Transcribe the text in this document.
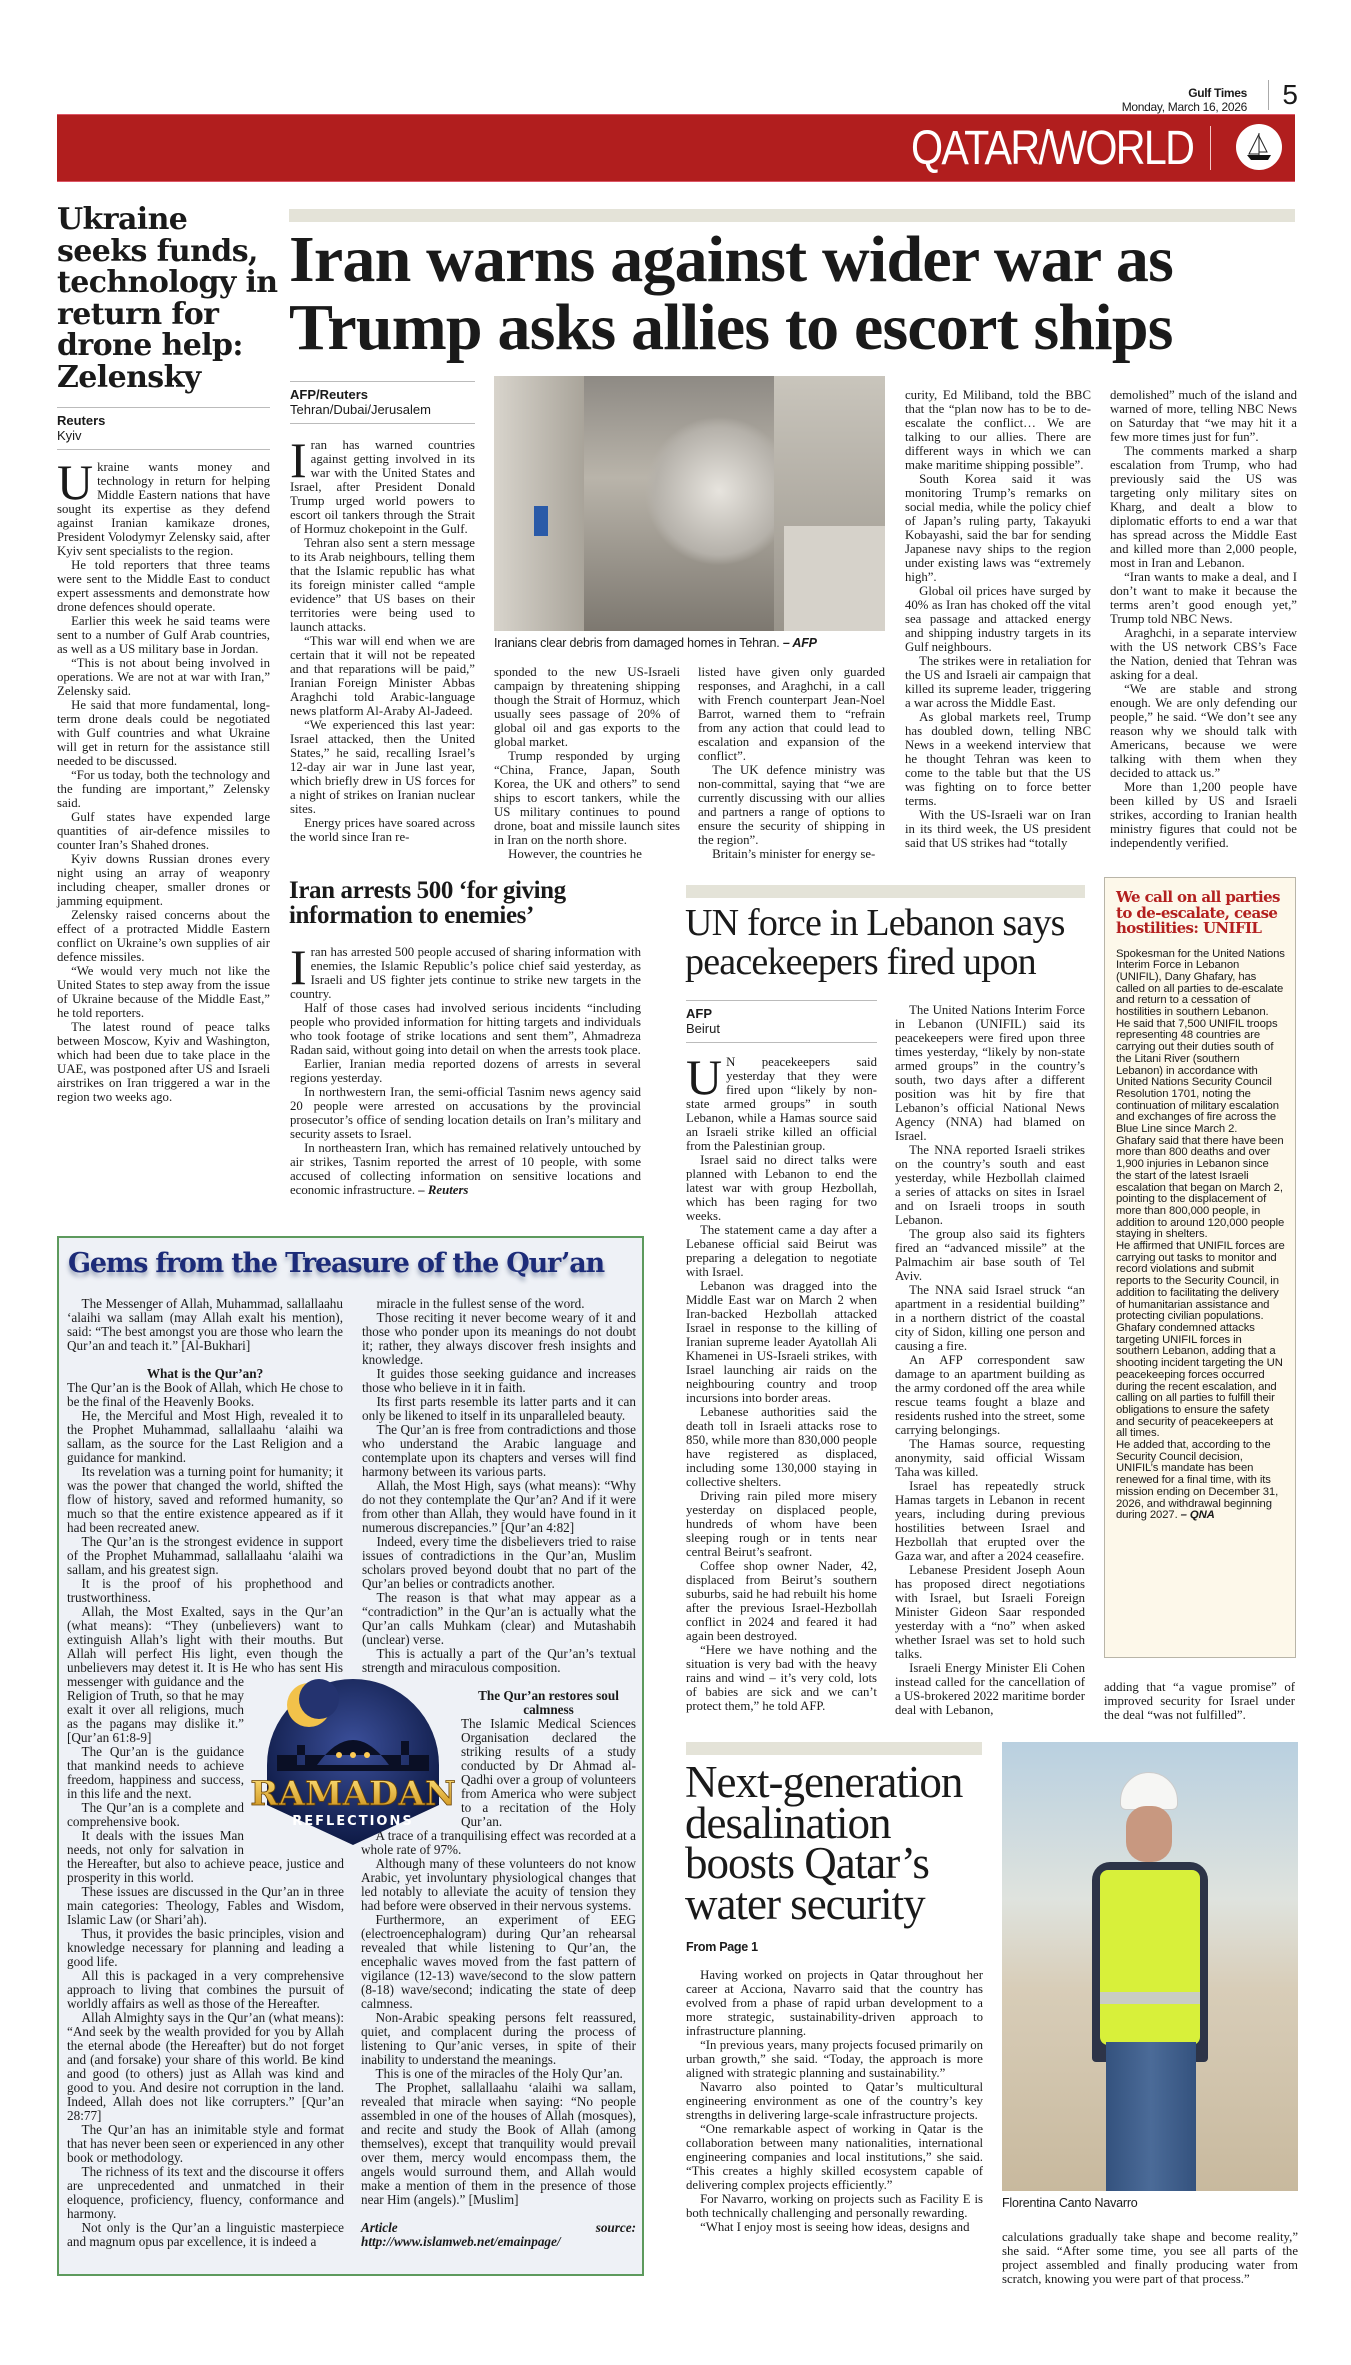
Gulf Times
Monday, March 16, 2026	5
QATAR/WORLD
Ukraine seeks funds, technology in return for drone help: Zelensky
Reuters
Kyiv

Ukraine wants money and technology in return for helping Middle Eastern nations that have sought its expertise as they defend against Iranian kamikaze drones, President Volodymyr Zelensky said, after Kyiv sent specialists to the region.

He told reporters that three teams were sent to the Middle East to conduct expert assessments and demonstrate how drone defences should operate.

Earlier this week he said teams were sent to a number of Gulf Arab countries, as well as a US military base in Jordan.

“This is not about being involved in operations. We are not at war with Iran,” Zelensky said.

He said that more fundamental, long-term drone deals could be negotiated with Gulf countries and what Ukraine will get in return for the assistance still needed to be discussed.

“For us today, both the technology and the funding are important,” Zelensky said.

Gulf states have expended large quantities of air-defence missiles to counter Iran’s Shahed drones.

Kyiv downs Russian drones every night using an array of weaponry including cheaper, smaller drones or jamming equipment.

Zelensky raised concerns about the effect of a protracted Middle Eastern conflict on Ukraine’s own supplies of air defence missiles.

“We would very much not like the United States to step away from the issue of Ukraine because of the Middle East,” he told reporters.

The latest round of peace talks between Moscow, Kyiv and Washington, which had been due to take place in the UAE, was postponed after US and Israeli airstrikes on Iran triggered a war in the region two weeks ago.

Iran warns against wider war as
Trump asks allies to escort ships
AFP/Reuters
Tehran/Dubai/Jerusalem

Iran has warned countries against getting involved in its war with the United States and Israel, after President Donald Trump urged world powers to escort oil tankers through the Strait of Hormuz chokepoint in the Gulf.

Tehran also sent a stern message to its Arab neighbours, telling them that the Islamic republic has what its foreign minister called “ample evidence” that US bases on their territories were being used to launch attacks.

“This war will end when we are certain that it will not be repeated and that reparations will be paid,” Iranian Foreign Minister Abbas Araghchi told Arabic-language news platform Al-Araby Al-Jadeed.

“We experienced this last year: Israel attacked, then the United States,” he said, recalling Israel’s 12-day air war in June last year, which briefly drew in US forces for a night of strikes on Iranian nuclear sites.

Energy prices have soared across the world since Iran re-

Iranians clear debris from damaged homes in Tehran. – AFP

sponded to the new US-Israeli campaign by threatening shipping though the Strait of Hormuz, which usually sees passage of 20% of global oil and gas exports to the global market.

Trump responded by urging “China, France, Japan, South Korea, the UK and others” to send ships to escort tankers, while the US military continues to pound drone, boat and missile launch sites in Iran on the north shore.

However, the countries he

listed have given only guarded responses, and Araghchi, in a call with French counterpart Jean-Noel Barrot, warned them to “refrain from any action that could lead to escalation and expansion of the conflict”.

The UK defence ministry was non-committal, saying that “we are currently discussing with our allies and partners a range of options to ensure the security of shipping in the region”.

Britain’s minister for energy se-

curity, Ed Miliband, told the BBC that the “plan now has to be to de-escalate the conflict… We are talking to our allies. There are different ways in which we can make maritime shipping possible”.

South Korea said it was monitoring Trump’s remarks on social media, while the policy chief of Japan’s ruling party, Takayuki Kobayashi, said the bar for sending Japanese navy ships to the region under existing laws was “extremely high”.

Global oil prices have surged by 40% as Iran has choked off the vital sea passage and attacked energy and shipping industry targets in its Gulf neighbours.

The strikes were in retaliation for the US and Israeli air campaign that killed its supreme leader, triggering a war across the Middle East.

As global markets reel, Trump has doubled down, telling NBC News in a weekend interview that he thought Tehran was keen to come to the table but that the US was fighting on to force better terms.

With the US-Israeli war on Iran in its third week, the US president said that US strikes had “totally

demolished” much of the island and warned of more, telling NBC News on Saturday that “we may hit it a few more times just for fun”.

The comments marked a sharp escalation from Trump, who had previously said the US was targeting only military sites on Kharg, and dealt a blow to diplomatic efforts to end a war that has spread across the Middle East and killed more than 2,000 people, most in Iran and Lebanon.

“Iran wants to make a deal, and I don’t want to make it because the terms aren’t good enough yet,” Trump told NBC News.

Araghchi, in a separate interview with the US network CBS’s Face the Nation, denied that Tehran was asking for a deal.

“We are stable and strong enough. We are only defending our people,” he said. “We don’t see any reason why we should talk with Americans, because we were talking with them when they decided to attack us.”

More than 1,200 people have been killed by US and Israeli strikes, according to Iranian health ministry figures that could not be independently verified.

Iran arrests 500 ‘for giving information to enemies’

Iran has arrested 500 people accused of sharing information with enemies, the Islamic Republic’s police chief said yesterday, as Israeli and US fighter jets continue to strike new targets in the country.

Half of those cases had involved serious incidents “including people who provided information for hitting targets and individuals who took footage of strike locations and sent them”, Ahmadreza Radan said, without going into detail on when the arrests took place.

Earlier, Iranian media reported dozens of arrests in several regions yesterday.

In northwestern Iran, the semi-official Tasnim news agency said 20 people were arrested on accusations by the provincial prosecutor’s office of sending location details on Iran’s military and security assets to Israel.

In northeastern Iran, which has remained relatively untouched by air strikes, Tasnim reported the arrest of 10 people, with some accused of collecting information on sensitive locations and economic infrastructure. – Reuters

UN force in Lebanon says peacekeepers fired upon
AFP
Beirut

UN peacekeepers said yesterday that they were fired upon “likely by non-state armed groups” in south Lebanon, while a Hamas source said an Israeli strike killed an official from the Palestinian group.

Israel said no direct talks were planned with Lebanon to end the latest war with group Hezbollah, which has been raging for two weeks.

The statement came a day after a Lebanese official said Beirut was preparing a delegation to negotiate with Israel.

Lebanon was dragged into the Middle East war on March 2 when Iran-backed Hezbollah attacked Israel in response to the killing of Iranian supreme leader Ayatollah Ali Khamenei in US-Israeli strikes, with Israel launching air raids on the neighbouring country and troop incursions into border areas.

Lebanese authorities said the death toll in Israeli attacks rose to 850, while more than 830,000 people have registered as displaced, including some 130,000 staying in collective shelters.

Driving rain piled more misery yesterday on displaced people, hundreds of whom have been sleeping rough or in tents near central Beirut’s seafront.

Coffee shop owner Nader, 42, displaced from Beirut’s southern suburbs, said he had rebuilt his home after the previous Israel-Hezbollah conflict in 2024 and feared it had again been destroyed.

“Here we have nothing and the situation is very bad with the heavy rains and wind – it’s very cold, lots of babies are sick and we can’t protect them,” he told AFP.

The United Nations Interim Force in Lebanon (UNIFIL) said its peacekeepers were fired upon three times yesterday, “likely by non-state armed groups” in the country’s south, two days after a different position was hit by fire that Lebanon’s official National News Agency (NNA) had blamed on Israel.

The NNA reported Israeli strikes on the country’s south and east yesterday, while Hezbollah claimed a series of attacks on sites in Israel and on Israeli troops in south Lebanon.

The group also said its fighters fired an “advanced missile” at the Palmachim air base south of Tel Aviv.

The NNA said Israel struck “an apartment in a residential building” in a northern district of the coastal city of Sidon, killing one person and causing a fire.

An AFP correspondent saw damage to an apartment building as the army cordoned off the area while rescue teams fought a blaze and residents rushed into the street, some carrying belongings.

The Hamas source, requesting anonymity, said official Wissam Taha was killed.

Israel has repeatedly struck Hamas targets in Lebanon in recent years, including during previous hostilities between Israel and Hezbollah that erupted over the Gaza war, and after a 2024 ceasefire.

Lebanese President Joseph Aoun has proposed direct negotiations with Israel, but Israeli Foreign Minister Gideon Saar responded yesterday with a “no” when asked whether Israel was set to hold such talks.

Israeli Energy Minister Eli Cohen instead called for the cancellation of a US-brokered 2022 maritime border deal with Lebanon,

adding that “a vague promise” of improved security for Israel under the deal “was not fulfilled”.

We call on all parties to de-escalate, cease hostilities: UNIFIL

Spokesman for the United Nations Interim Force in Lebanon (UNIFIL), Dany Ghafary, has called on all parties to de-escalate and return to a cessation of hostilities in southern Lebanon.

He said that 7,500 UNIFIL troops representing 48 countries are carrying out their duties south of the Litani River (southern Lebanon) in accordance with United Nations Security Council Resolution 1701, noting the continuation of military escalation and exchanges of fire across the Blue Line since March 2.

Ghafary said that there have been more than 800 deaths and over 1,900 injuries in Lebanon since the start of the latest Israeli escalation that began on March 2, pointing to the displacement of more than 800,000 people, in addition to around 120,000 people staying in shelters.

He affirmed that UNIFIL forces are carrying out tasks to monitor and record violations and submit reports to the Security Council, in addition to facilitating the delivery of humanitarian assistance and protecting civilian populations.

Ghafary condemned attacks targeting UNIFIL forces in southern Lebanon, adding that a shooting incident targeting the UN peacekeeping forces occurred during the recent escalation, and calling on all parties to fulfill their obligations to ensure the safety and security of peacekeepers at all times.

He added that, according to the Security Council decision, UNIFIL’s mandate has been renewed for a final time, with its mission ending on December 31, 2026, and withdrawal beginning during 2027. – QNA

Gems from the Treasure of the Qur’an

The Messenger of Allah, Muhammad, sallallaahu ‘alaihi wa sallam (may Allah exalt his mention), said: “The best amongst you are those who learn the Qur’an and teach it.” [Al-Bukhari]

What is the Qur’an?

The Qur’an is the Book of Allah, which He chose to be the final of the Heavenly Books.

He, the Merciful and Most High, revealed it to the Prophet Muhammad, sallallaahu ‘alaihi wa sallam, as the source for the Last Religion and a guidance for mankind.

Its revelation was a turning point for humanity; it was the power that changed the world, shifted the flow of history, saved and reformed humanity, so much so that the entire existence appeared as if it had been recreated anew.

The Qur’an is the strongest evidence in support of the Prophet Muhammad, sallallaahu ‘alaihi wa sallam, and his greatest sign.

It is the proof of his prophethood and trustworthiness.

Allah, the Most Exalted, says in the Qur’an (what means): “They (unbelievers) want to extinguish Allah’s light with their mouths. But Allah will perfect His light, even though the unbelievers may detest it. It is He who has sent His messenger with guidance and the Religion of Truth, so that he may exalt it over all religions, much as the pagans may dislike it.” [Qur’an 61:8-9]

The Qur’an is the guidance that mankind needs to achieve freedom, happiness and success, in this life and the next.

The Qur’an is a complete and comprehensive book.

It deals with the issues Man needs, not only for salvation in the Hereafter, but also to achieve peace, justice and prosperity in this world.

These issues are discussed in the Qur’an in three main categories: Theology, Fables and Wisdom, Islamic Law (or Shari’ah).

Thus, it provides the basic principles, vision and knowledge necessary for planning and leading a good life.

All this is packaged in a very comprehensive approach to living that combines the pursuit of worldly affairs as well as those of the Hereafter.

Allah Almighty says in the Qur’an (what means): “And seek by the wealth provided for you by Allah the eternal abode (the Hereafter) but do not forget and (and forsake) your share of this world. Be kind and good (to others) just as Allah was kind and good to you. And desire not corruption in the land. Indeed, Allah does not like corrupters.” [Qur’an 28:77]

The Qur’an has an inimitable style and format that has never been seen or experienced in any other book or methodology.

The richness of its text and the discourse it offers are unprecedented and unmatched in their eloquence, proficiency, fluency, conformance and harmony.

Not only is the Qur’an a linguistic masterpiece and magnum opus par excellence, it is indeed a

miracle in the fullest sense of the word.

Those reciting it never become weary of it and those who ponder upon its meanings do not doubt it; rather, they always discover fresh insights and knowledge.

It guides those seeking guidance and increases those who believe in it in faith.

Its first parts resemble its latter parts and it can only be likened to itself in its unparalleled beauty.

The Qur’an is free from contradictions and those who understand the Arabic language and contemplate upon its chapters and verses will find harmony between its various parts.

Allah, the Most High, says (what means): “Why do not they contemplate the Qur’an? And if it were from other than Allah, they would have found in it numerous discrepancies.” [Qur’an 4:82]

Indeed, every time the disbelievers tried to raise issues of contradictions in the Qur’an, Muslim scholars proved beyond doubt that no part of the Qur’an belies or contradicts another.

The reason is that what may appear as a “contradiction” in the Qur’an is actually what the Qur’an calls Muhkam (clear) and Mutashabih (unclear) verse.

This is actually a part of the Qur’an’s textual strength and miraculous composition.

The Qur’an restores soul calmness

The Islamic Medical Sciences Organisation declared the striking results of a study conducted by Dr Ahmad al-Qadhi over a group of volunteers from America who were subject to a recitation of the Holy Qur’an.

A trace of a tranquilising effect was recorded at a whole rate of 97%.

Although many of these volunteers do not know Arabic, yet involuntary physiological changes that led notably to alleviate the acuity of tension they had before were observed in their nervous systems.

Furthermore, an experiment of EEG (electroencephalogram) during Qur’an rehearsal revealed that while listening to Qur’an, the encephalic waves moved from the fast pattern of vigilance (12-13) wave/second to the slow pattern (8-18) wave/second; indicating the state of deep calmness.

Non-Arabic speaking persons felt reassured, quiet, and complacent during the process of listening to Qur’anic verses, in spite of their inability to understand the meanings.

This is one of the miracles of the Holy Qur’an.

The Prophet, sallallaahu ‘alaihi wa sallam, revealed that miracle when saying: “No people assembled in one of the houses of Allah (mosques), and recite and study the Book of Allah (among themselves), except that tranquility would prevail over them, mercy would encompass them, the angels would surround them, and Allah would make a mention of them in the presence of those near Him (angels).” [Muslim]

Article source: http://www.islamweb.net/emainpage/

RAMADAN
REFLECTIONS
Next-generation desalination boosts Qatar’s water security
From Page 1

Having worked on projects in Qatar throughout her career at Acciona, Navarro said that the country has evolved from a phase of rapid urban development to a more strategic, sustainability-driven approach to infrastructure planning.

“In previous years, many projects focused primarily on urban growth,” she said. “Today, the approach is more aligned with strategic planning and sustainability.”

Navarro also pointed to Qatar’s multicultural engineering environment as one of the country’s key strengths in delivering large-scale infrastructure projects.

“One remarkable aspect of working in Qatar is the collaboration between many nationalities, international engineering companies and local institutions,” she said. “This creates a highly skilled ecosystem capable of delivering complex projects efficiently.”

For Navarro, working on projects such as Facility E is both technically challenging and personally rewarding.

“What I enjoy most is seeing how ideas, designs and

Florentina Canto Navarro

calculations gradually take shape and become reality,” she said. “After some time, you see all parts of the project assembled and finally producing water from scratch, knowing you were part of that process.”
